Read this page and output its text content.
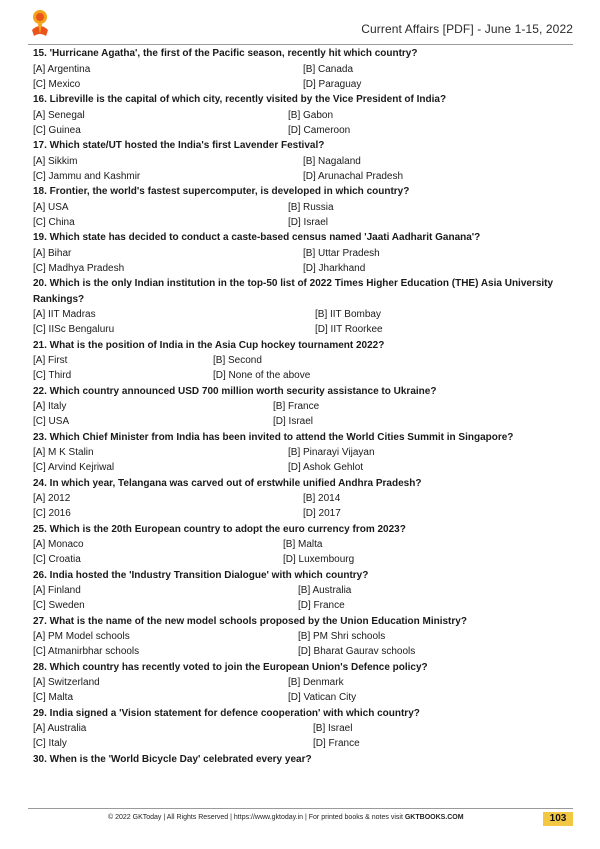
Current Affairs [PDF] - June 1-15, 2022
15. 'Hurricane Agatha', the first of the Pacific season, recently hit which country?
[A] Argentina	[B] Canada
[C] Mexico	[D] Paraguay
16. Libreville is the capital of which city, recently visited by the Vice President of India?
[A] Senegal	[B] Gabon
[C] Guinea	[D] Cameroon
17. Which state/UT hosted the India's first Lavender Festival?
[A] Sikkim	[B] Nagaland
[C] Jammu and Kashmir	[D] Arunachal Pradesh
18. Frontier, the world's fastest supercomputer, is developed in which country?
[A] USA	[B] Russia
[C] China	[D] Israel
19. Which state has decided to conduct a caste-based census named 'Jaati Aadharit Ganana'?
[A] Bihar	[B] Uttar Pradesh
[C] Madhya Pradesh	[D] Jharkhand
20. Which is the only Indian institution in the top-50 list of 2022 Times Higher Education (THE) Asia University Rankings?
[A] IIT Madras	[B] IIT Bombay
[C] IISc Bengaluru	[D] IIT Roorkee
21. What is the position of India in the Asia Cup hockey tournament 2022?
[A] First	[B] Second
[C] Third	[D] None of the above
22. Which country announced USD 700 million worth security assistance to Ukraine?
[A] Italy	[B] France
[C] USA	[D] Israel
23. Which Chief Minister from India has been invited to attend the World Cities Summit in Singapore?
[A] M K Stalin	[B] Pinarayi Vijayan
[C] Arvind Kejriwal	[D] Ashok Gehlot
24. In which year, Telangana was carved out of erstwhile unified Andhra Pradesh?
[A] 2012	[B] 2014
[C] 2016	[D] 2017
25. Which is the 20th European country to adopt the euro currency from 2023?
[A] Monaco	[B] Malta
[C] Croatia	[D] Luxembourg
26. India hosted the 'Industry Transition Dialogue' with which country?
[A] Finland	[B] Australia
[C] Sweden	[D] France
27. What is the name of the new model schools proposed by the Union Education Ministry?
[A] PM Model schools	[B] PM Shri schools
[C] Atmanirbhar schools	[D] Bharat Gaurav schools
28. Which country has recently voted to join the European Union's Defence policy?
[A] Switzerland	[B] Denmark
[C] Malta	[D] Vatican City
29. India signed a 'Vision statement for defence cooperation' with which country?
[A] Australia	[B] Israel
[C] Italy	[D] France
30. When is the 'World Bicycle Day' celebrated every year?
© 2022 GKToday | All Rights Reserved | https://www.gktoday.in | For printed books & notes visit GKTBOOKS.COM	103
